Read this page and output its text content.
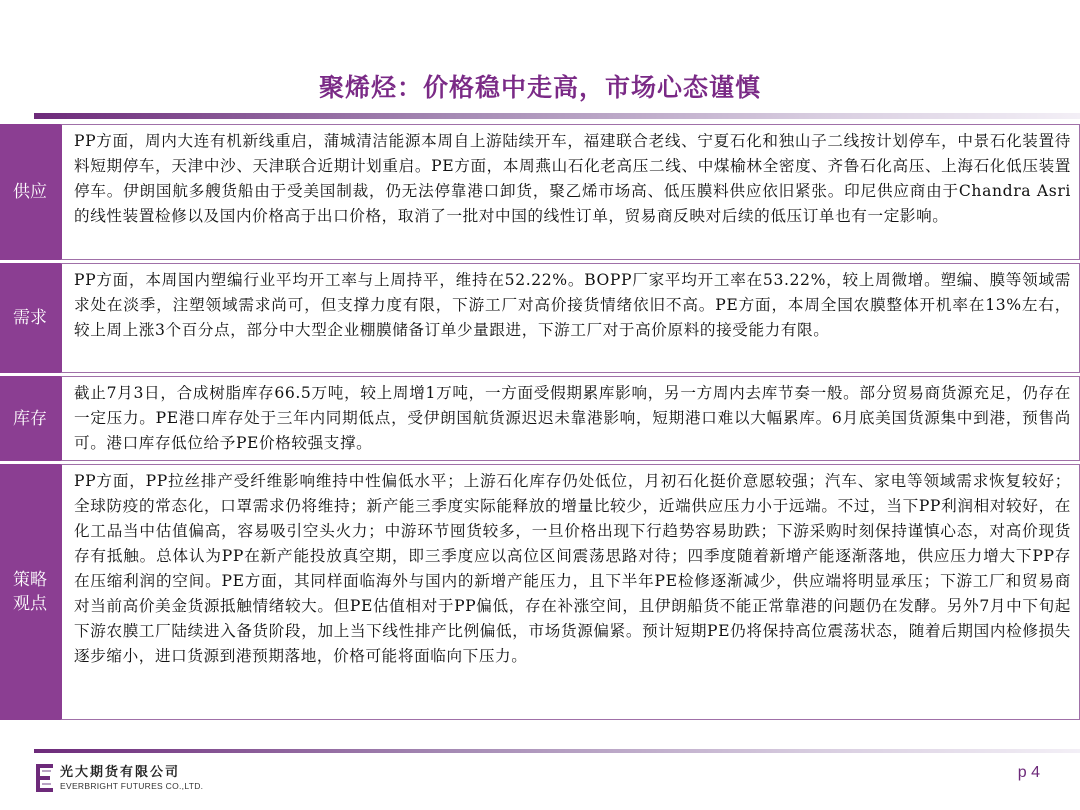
聚烯烃：价格稳中走高，市场心态谨慎
供应

PP方面，周内大连有机新线重启，蒲城清洁能源本周自上游陆续开车，福建联合老线、宁夏石化和独山子二线按计划停车，中景石化装置待料短期停车，天津中沙、天津联合近期计划重启。PE方面，本周燕山石化老高压二线、中煤榆林全密度、齐鲁石化高压、上海石化低压装置停车。伊朗国航多艘货船由于受美国制裁，仍无法停靠港口卸货，聚乙烯市场高、低压膜料供应依旧紧张。印尼供应商由于Chandra Asri的线性装置检修以及国内价格高于出口价格，取消了一批对中国的线性订单，贸易商反映对后续的低压订单也有一定影响。

需求

PP方面，本周国内塑编行业平均开工率与上周持平，维持在52.22%。BOPP厂家平均开工率在53.22%，较上周微增。塑编、膜等领域需求处在淡季，注塑领域需求尚可，但支撑力度有限，下游工厂对高价接货情绪依旧不高。PE方面，本周全国农膜整体开机率在13%左右，较上周上涨3个百分点，部分中大型企业棚膜储备订单少量跟进，下游工厂对于高价原料的接受能力有限。

库存

截止7月3日，合成树脂库存66.5万吨，较上周增1万吨，一方面受假期累库影响，另一方周内去库节奏一般。部分贸易商货源充足，仍存在一定压力。PE港口库存处于三年内同期低点，受伊朗国航货源迟迟未靠港影响，短期港口难以大幅累库。6月底美国货源集中到港，预售尚可。港口库存低位给予PE价格较强支撑。

策略
观点

PP方面，PP拉丝排产受纤维影响维持中性偏低水平；上游石化库存仍处低位，月初石化挺价意愿较强；汽车、家电等领域需求恢复较好；全球防疫的常态化，口罩需求仍将维持；新产能三季度实际能释放的增量比较少，近端供应压力小于远端。不过，当下PP利润相对较好，在化工品当中估值偏高，容易吸引空头火力；中游环节囤货较多，一旦价格出现下行趋势容易助跌；下游采购时刻保持谨慎心态，对高价现货存有抵触。总体认为PP在新产能投放真空期，即三季度应以高位区间震荡思路对待；四季度随着新增产能逐渐落地，供应压力增大下PP存在压缩利润的空间。PE方面，其同样面临海外与国内的新增产能压力，且下半年PE检修逐渐减少，供应端将明显承压；下游工厂和贸易商对当前高价美金货源抵触情绪较大。但PE估值相对于PP偏低，存在补涨空间，且伊朗船货不能正常靠港的问题仍在发酵。另外7月中下旬起下游农膜工厂陆续进入备货阶段，加上当下线性排产比例偏低，市场货源偏紧。预计短期PE仍将保持高位震荡状态，随着后期国内检修损失逐步缩小，进口货源到港预期落地，价格可能将面临向下压力。

光大期货有限公司
EVERBRIGHT FUTURES CO.,LTD.
p 4
